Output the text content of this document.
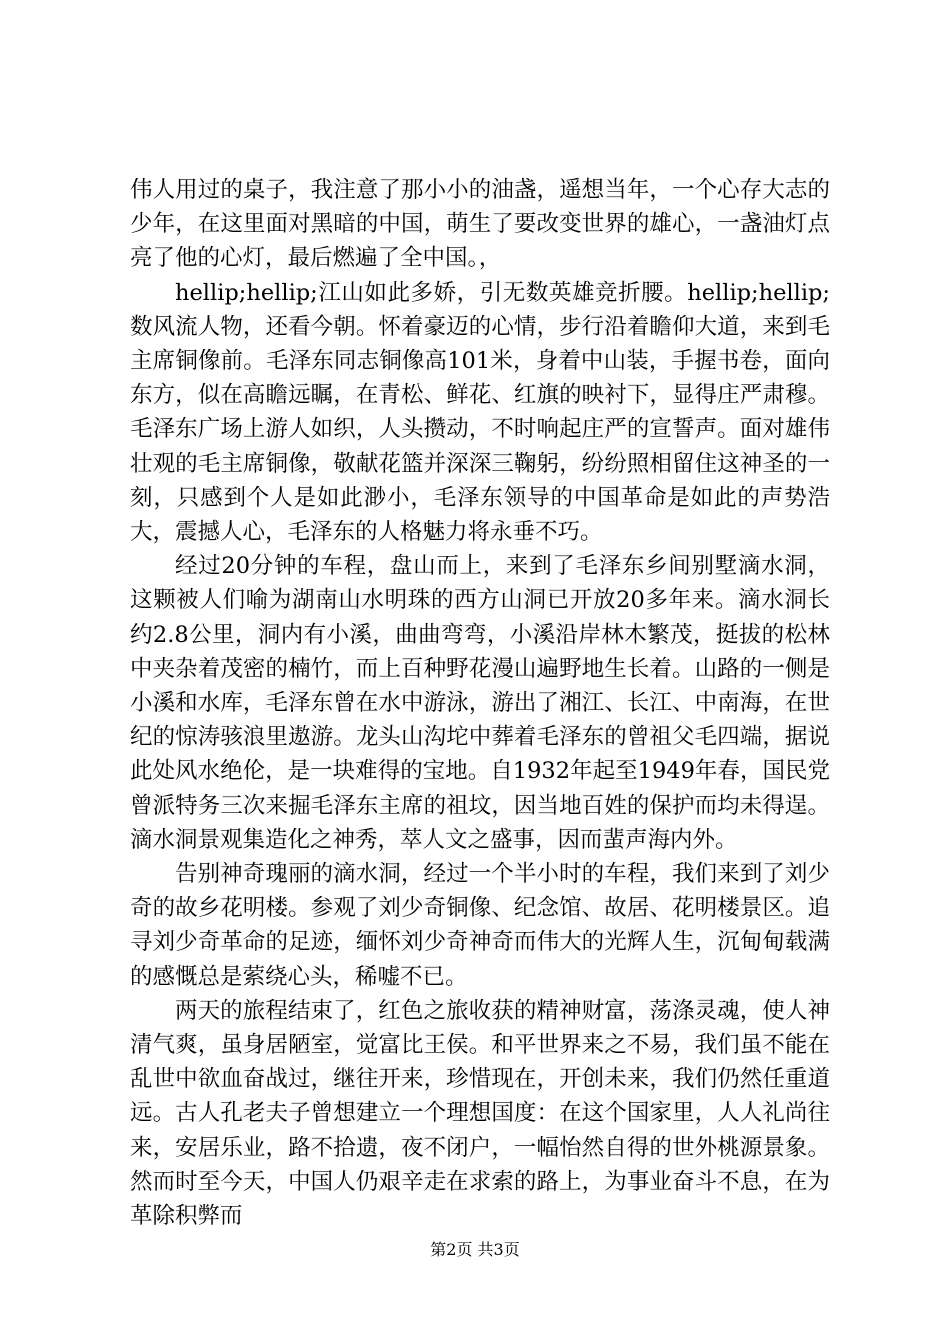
伟人用过的桌子，我注意了那小小的油盏，遥想当年，一个心存大志的少年，在这里面对黑暗的中国，萌生了要改变世界的雄心，一盏油灯点亮了他的心灯，最后燃遍了全中国。，

hellip;hellip;江山如此多娇，引无数英雄竞折腰。hellip;hellip;数风流人物，还看今朝。怀着豪迈的心情，步行沿着瞻仰大道，来到毛主席铜像前。毛泽东同志铜像高101米，身着中山装，手握书卷，面向东方，似在高瞻远瞩，在青松、鲜花、红旗的映衬下，显得庄严肃穆。毛泽东广场上游人如织，人头攒动，不时响起庄严的宣誓声。面对雄伟壮观的毛主席铜像，敬献花篮并深深三鞠躬，纷纷照相留住这神圣的一刻，只感到个人是如此渺小，毛泽东领导的中国革命是如此的声势浩大，震撼人心，毛泽东的人格魅力将永垂不巧。

经过20分钟的车程，盘山而上，来到了毛泽东乡间别墅滴水洞，这颗被人们喻为湖南山水明珠的西方山洞已开放20多年来。滴水洞长约2.8公里，洞内有小溪，曲曲弯弯，小溪沿岸林木繁茂，挺拔的松林中夹杂着茂密的楠竹，而上百种野花漫山遍野地生长着。山路的一侧是小溪和水库，毛泽东曾在水中游泳，游出了湘江、长江、中南海，在世纪的惊涛骇浪里遨游。龙头山沟坨中葬着毛泽东的曾祖父毛四端，据说此处风水绝伦，是一块难得的宝地。自1932年起至1949年春，国民党曾派特务三次来掘毛泽东主席的祖坟，因当地百姓的保护而均未得逞。滴水洞景观集造化之神秀，萃人文之盛事，因而蜚声海内外。

告别神奇瑰丽的滴水洞，经过一个半小时的车程，我们来到了刘少奇的故乡花明楼。参观了刘少奇铜像、纪念馆、故居、花明楼景区。追寻刘少奇革命的足迹，缅怀刘少奇神奇而伟大的光辉人生，沉甸甸载满的感慨总是萦绕心头，稀嘘不已。

两天的旅程结束了，红色之旅收获的精神财富，荡涤灵魂，使人神清气爽，虽身居陋室，觉富比王侯。和平世界来之不易，我们虽不能在乱世中欲血奋战过，继往开来，珍惜现在，开创未来，我们仍然任重道远。古人孔老夫子曾想建立一个理想国度：在这个国家里，人人礼尚往来，安居乐业，路不拾遗，夜不闭户，一幅怡然自得的世外桃源景象。然而时至今天，中国人仍艰辛走在求索的路上，为事业奋斗不息，在为革除积弊而

第2页 共3页
